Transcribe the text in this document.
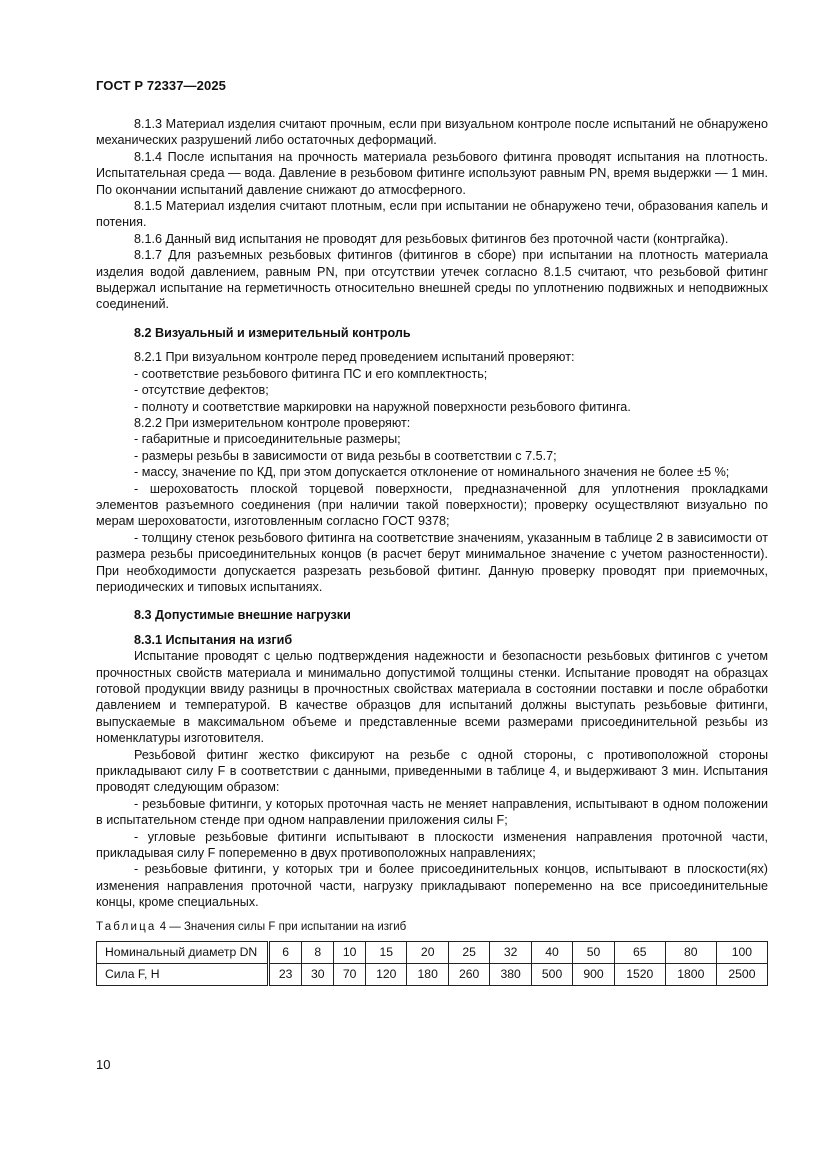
ГОСТ Р 72337—2025

8.1.3 Материал изделия считают прочным, если при визуальном контроле после испытаний не обнаружено механических разрушений либо остаточных деформаций.

8.1.4 После испытания на прочность материала резьбового фитинга проводят испытания на плотность. Испытательная среда — вода. Давление в резьбовом фитинге используют равным PN, время выдержки — 1 мин. По окончании испытаний давление снижают до атмосферного.

8.1.5 Материал изделия считают плотным, если при испытании не обнаружено течи, образования капель и потения.

8.1.6 Данный вид испытания не проводят для резьбовых фитингов без проточной части (контргайка).

8.1.7 Для разъемных резьбовых фитингов (фитингов в сборе) при испытании на плотность материала изделия водой давлением, равным PN, при отсутствии утечек согласно 8.1.5 считают, что резьбовой фитинг выдержал испытание на герметичность относительно внешней среды по уплотнению подвижных и неподвижных соединений.

8.2 Визуальный и измерительный контроль

8.2.1 При визуальном контроле перед проведением испытаний проверяют:

- соответствие резьбового фитинга ПС и его комплектность;

- отсутствие дефектов;

- полноту и соответствие маркировки на наружной поверхности резьбового фитинга.

8.2.2 При измерительном контроле проверяют:

- габаритные и присоединительные размеры;

- размеры резьбы в зависимости от вида резьбы в соответствии с 7.5.7;

- массу, значение по КД, при этом допускается отклонение от номинального значения не более ±5 %;

- шероховатость плоской торцевой поверхности, предназначенной для уплотнения прокладками элементов разъемного соединения (при наличии такой поверхности); проверку осуществляют визуально по мерам шероховатости, изготовленным согласно ГОСТ 9378;

- толщину стенок резьбового фитинга на соответствие значениям, указанным в таблице 2 в зависимости от размера резьбы присоединительных концов (в расчет берут минимальное значение с учетом разностенности). При необходимости допускается разрезать резьбовой фитинг. Данную проверку проводят при приемочных, периодических и типовых испытаниях.

8.3 Допустимые внешние нагрузки
8.3.1 Испытания на изгиб

Испытание проводят с целью подтверждения надежности и безопасности резьбовых фитингов с учетом прочностных свойств материала и минимально допустимой толщины стенки. Испытание проводят на образцах готовой продукции ввиду разницы в прочностных свойствах материала в состоянии поставки и после обработки давлением и температурой. В качестве образцов для испытаний должны выступать резьбовые фитинги, выпускаемые в максимальном объеме и представленные всеми размерами присоединительной резьбы из номенклатуры изготовителя.

Резьбовой фитинг жестко фиксируют на резьбе с одной стороны, с противоположной стороны прикладывают силу F в соответствии с данными, приведенными в таблице 4, и выдерживают 3 мин. Испытания проводят следующим образом:

- резьбовые фитинги, у которых проточная часть не меняет направления, испытывают в одном положении в испытательном стенде при одном направлении приложения силы F;

- угловые резьбовые фитинги испытывают в плоскости изменения направления проточной части, прикладывая силу F попеременно в двух противоположных направлениях;

- резьбовые фитинги, у которых три и более присоединительных концов, испытывают в плоскости(ях) изменения направления проточной части, нагрузку прикладывают попеременно на все присоединительные концы, кроме специальных.

Таблица 4 — Значения силы F при испытании на изгиб
Номинальный диаметр DN	6	8	10	15	20	25	32	40	50	65	80	100
Сила F, Н	23	30	70	120	180	260	380	500	900	1520	1800	2500
10
